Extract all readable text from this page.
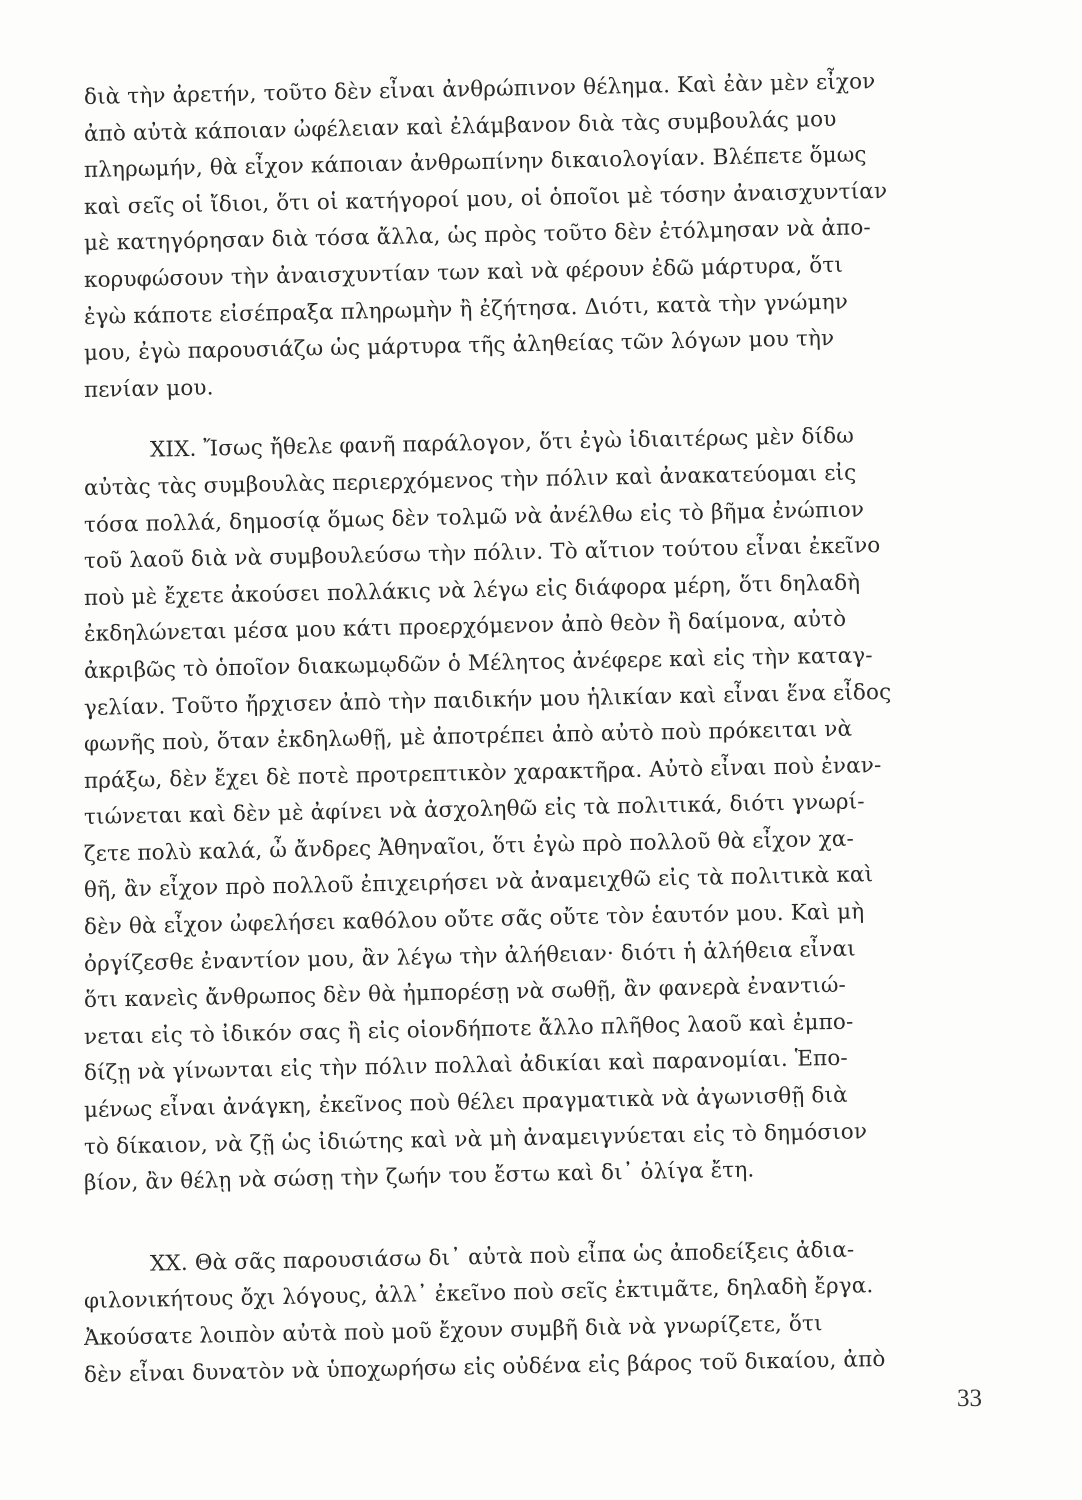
διὰ τὴν ἀρετήν, τοῦτο δὲν εἶναι ἀνθρώπινον θέλημα. Καὶ ἐὰν μὲν εἶχον
ἀπὸ αὐτὰ κάποιαν ὠφέλειαν καὶ ἐλάμβανον διὰ τὰς συμβουλάς μου
πληρωμήν, θὰ εἶχον κάποιαν ἀνθρωπίνην δικαιολογίαν. Βλέπετε ὅμως
καὶ σεῖς οἱ ἴδιοι, ὅτι οἱ κατήγοροί μου, οἱ ὁποῖοι μὲ τόσην ἀναισχυντίαν
μὲ κατηγόρησαν διὰ τόσα ἄλλα, ὡς πρὸς τοῦτο δὲν ἐτόλμησαν νὰ ἀπο-
κορυφώσουν τὴν ἀναισχυντίαν των καὶ νὰ φέρουν ἐδῶ μάρτυρα, ὅτι
ἐγὼ κάποτε εἰσέπραξα πληρωμὴν ἢ ἐζήτησα. Διότι, κατὰ τὴν γνώμην
μου, ἐγὼ παρουσιάζω ὡς μάρτυρα τῆς ἀληθείας τῶν λόγων μου τὴν
πενίαν μου.
XIX. Ἴσως ἤθελε φανῆ παράλογον, ὅτι ἐγὼ ἰδιαιτέρως μὲν δίδω
αὐτὰς τὰς συμβουλὰς περιερχόμενος τὴν πόλιν καὶ ἀνακατεύομαι εἰς
τόσα πολλά, δημοσίᾳ ὅμως δὲν τολμῶ νὰ ἀνέλθω εἰς τὸ βῆμα ἐνώπιον
τοῦ λαοῦ διὰ νὰ συμβουλεύσω τὴν πόλιν. Τὸ αἴτιον τούτου εἶναι ἐκεῖνο
ποὺ μὲ ἔχετε ἀκούσει πολλάκις νὰ λέγω εἰς διάφορα μέρη, ὅτι δηλαδὴ
ἐκδηλώνεται μέσα μου κάτι προερχόμενον ἀπὸ θεὸν ἢ δαίμονα, αὐτὸ
ἀκριβῶς τὸ ὁποῖον διακωμῳδῶν ὁ Μέλητος ἀνέφερε καὶ εἰς τὴν καταγ-
γελίαν. Τοῦτο ἤρχισεν ἀπὸ τὴν παιδικήν μου ἡλικίαν καὶ εἶναι ἕνα εἶδος
φωνῆς ποὺ, ὅταν ἐκδηλωθῇ, μὲ ἀποτρέπει ἀπὸ αὐτὸ ποὺ πρόκειται νὰ
πράξω, δὲν ἔχει δὲ ποτὲ προτρεπτικὸν χαρακτῆρα. Αὐτὸ εἶναι ποὺ ἐναν-
τιώνεται καὶ δὲν μὲ ἀφίνει νὰ ἀσχοληθῶ εἰς τὰ πολιτικά, διότι γνωρί-
ζετε πολὺ καλά, ὦ ἄνδρες Ἀθηναῖοι, ὅτι ἐγὼ πρὸ πολλοῦ θὰ εἶχον χα-
θῆ, ἂν εἶχον πρὸ πολλοῦ ἐπιχειρήσει νὰ ἀναμειχθῶ εἰς τὰ πολιτικὰ καὶ
δὲν θὰ εἶχον ὠφελήσει καθόλου οὔτε σᾶς οὔτε τὸν ἑαυτόν μου. Καὶ μὴ
ὀργίζεσθε ἐναντίον μου, ἂν λέγω τὴν ἀλήθειαν· διότι ἡ ἀλήθεια εἶναι
ὅτι κανεὶς ἄνθρωπος δὲν θὰ ἠμπορέσῃ νὰ σωθῇ, ἂν φανερὰ ἐναντιώ-
νεται εἰς τὸ ἰδικόν σας ἢ εἰς οἱονδήποτε ἄλλο πλῆθος λαοῦ καὶ ἐμπο-
δίζῃ νὰ γίνωνται εἰς τὴν πόλιν πολλαὶ ἀδικίαι καὶ παρανομίαι. Ἑπο-
μένως εἶναι ἀνάγκη, ἐκεῖνος ποὺ θέλει πραγματικὰ νὰ ἀγωνισθῇ διὰ
τὸ δίκαιον, νὰ ζῇ ὡς ἰδιώτης καὶ νὰ μὴ ἀναμειγνύεται εἰς τὸ δημόσιον
βίον, ἂν θέλῃ νὰ σώσῃ τὴν ζωήν του ἔστω καὶ δι᾽ ὀλίγα ἔτη.
XX. Θὰ σᾶς παρουσιάσω δι᾽ αὐτὰ ποὺ εἶπα ὡς ἀποδείξεις ἀδια-
φιλονικήτους ὄχι λόγους, ἀλλ᾽ ἐκεῖνο ποὺ σεῖς ἐκτιμᾶτε, δηλαδὴ ἔργα.
Ἀκούσατε λοιπὸν αὐτὰ ποὺ μοῦ ἔχουν συμβῆ διὰ νὰ γνωρίζετε, ὅτι
δὲν εἶναι δυνατὸν νὰ ὑποχωρήσω εἰς οὐδένα εἰς βάρος τοῦ δικαίου, ἀπὸ
33
